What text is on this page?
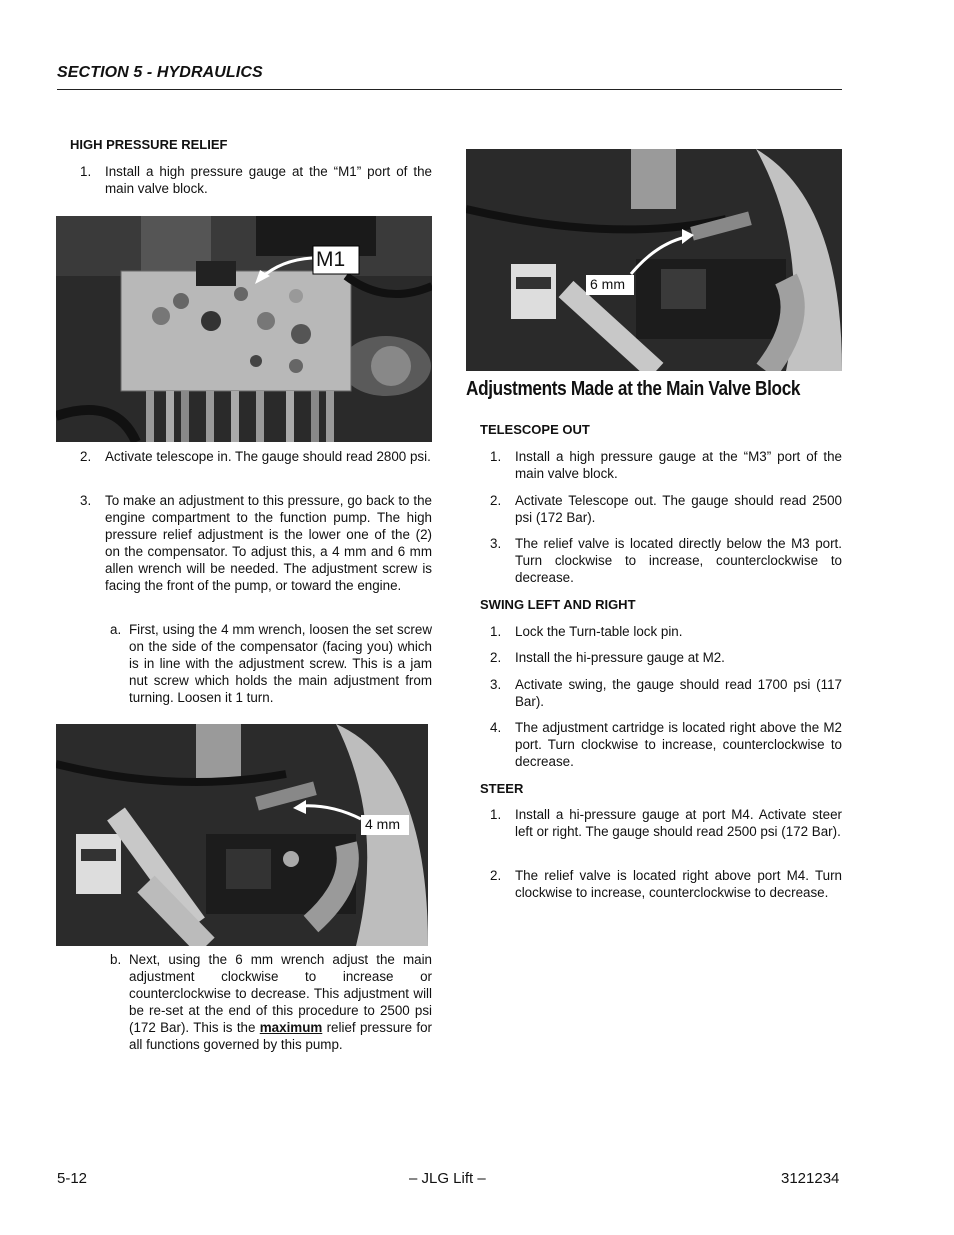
SECTION 5 - HYDRAULICS
HIGH PRESSURE RELIEF
1. Install a high pressure gauge at the “M1” port of the main valve block.
M1
2. Activate telescope in. The gauge should read 2800 psi.
3. To make an adjustment to this pressure, go back to the engine compartment to the function pump. The high pressure relief adjustment is the lower one of the (2) on the compensator. To adjust this, a 4 mm and 6 mm allen wrench will be needed. The adjustment screw is facing the front of the pump, or toward the engine.
a. First, using the 4 mm wrench, loosen the set screw on the side of the compensator (facing you) which is in line with the adjustment screw. This is a jam nut screw which holds the main adjustment from turning. Loosen it 1 turn.
4 mm
b. Next, using the 6 mm wrench adjust the main adjustment clockwise to increase or counterclockwise to decrease. This adjustment will be re-set at the end of this procedure to 2500 psi (172 Bar). This is the maximum relief pressure for all functions governed by this pump.
6 mm
Adjustments Made at the Main Valve Block
TELESCOPE OUT
1. Install a high pressure gauge at the “M3” port of the main valve block.
2. Activate Telescope out. The gauge should read 2500 psi (172 Bar).
3. The relief valve is located directly below the M3 port. Turn clockwise to increase, counterclockwise to decrease.
SWING LEFT AND RIGHT
1. Lock the Turn-table lock pin.
2. Install the hi-pressure gauge at M2.
3. Activate swing, the gauge should read 1700 psi (117 Bar).
4. The adjustment cartridge is located right above the M2 port. Turn clockwise to increase, counterclockwise to decrease.
STEER
1. Install a hi-pressure gauge at port M4. Activate steer left or right. The gauge should read 2500 psi (172 Bar).
2. The relief valve is located right above port M4. Turn clockwise to increase, counterclockwise to decrease.
5-12	– JLG Lift –	3121234
